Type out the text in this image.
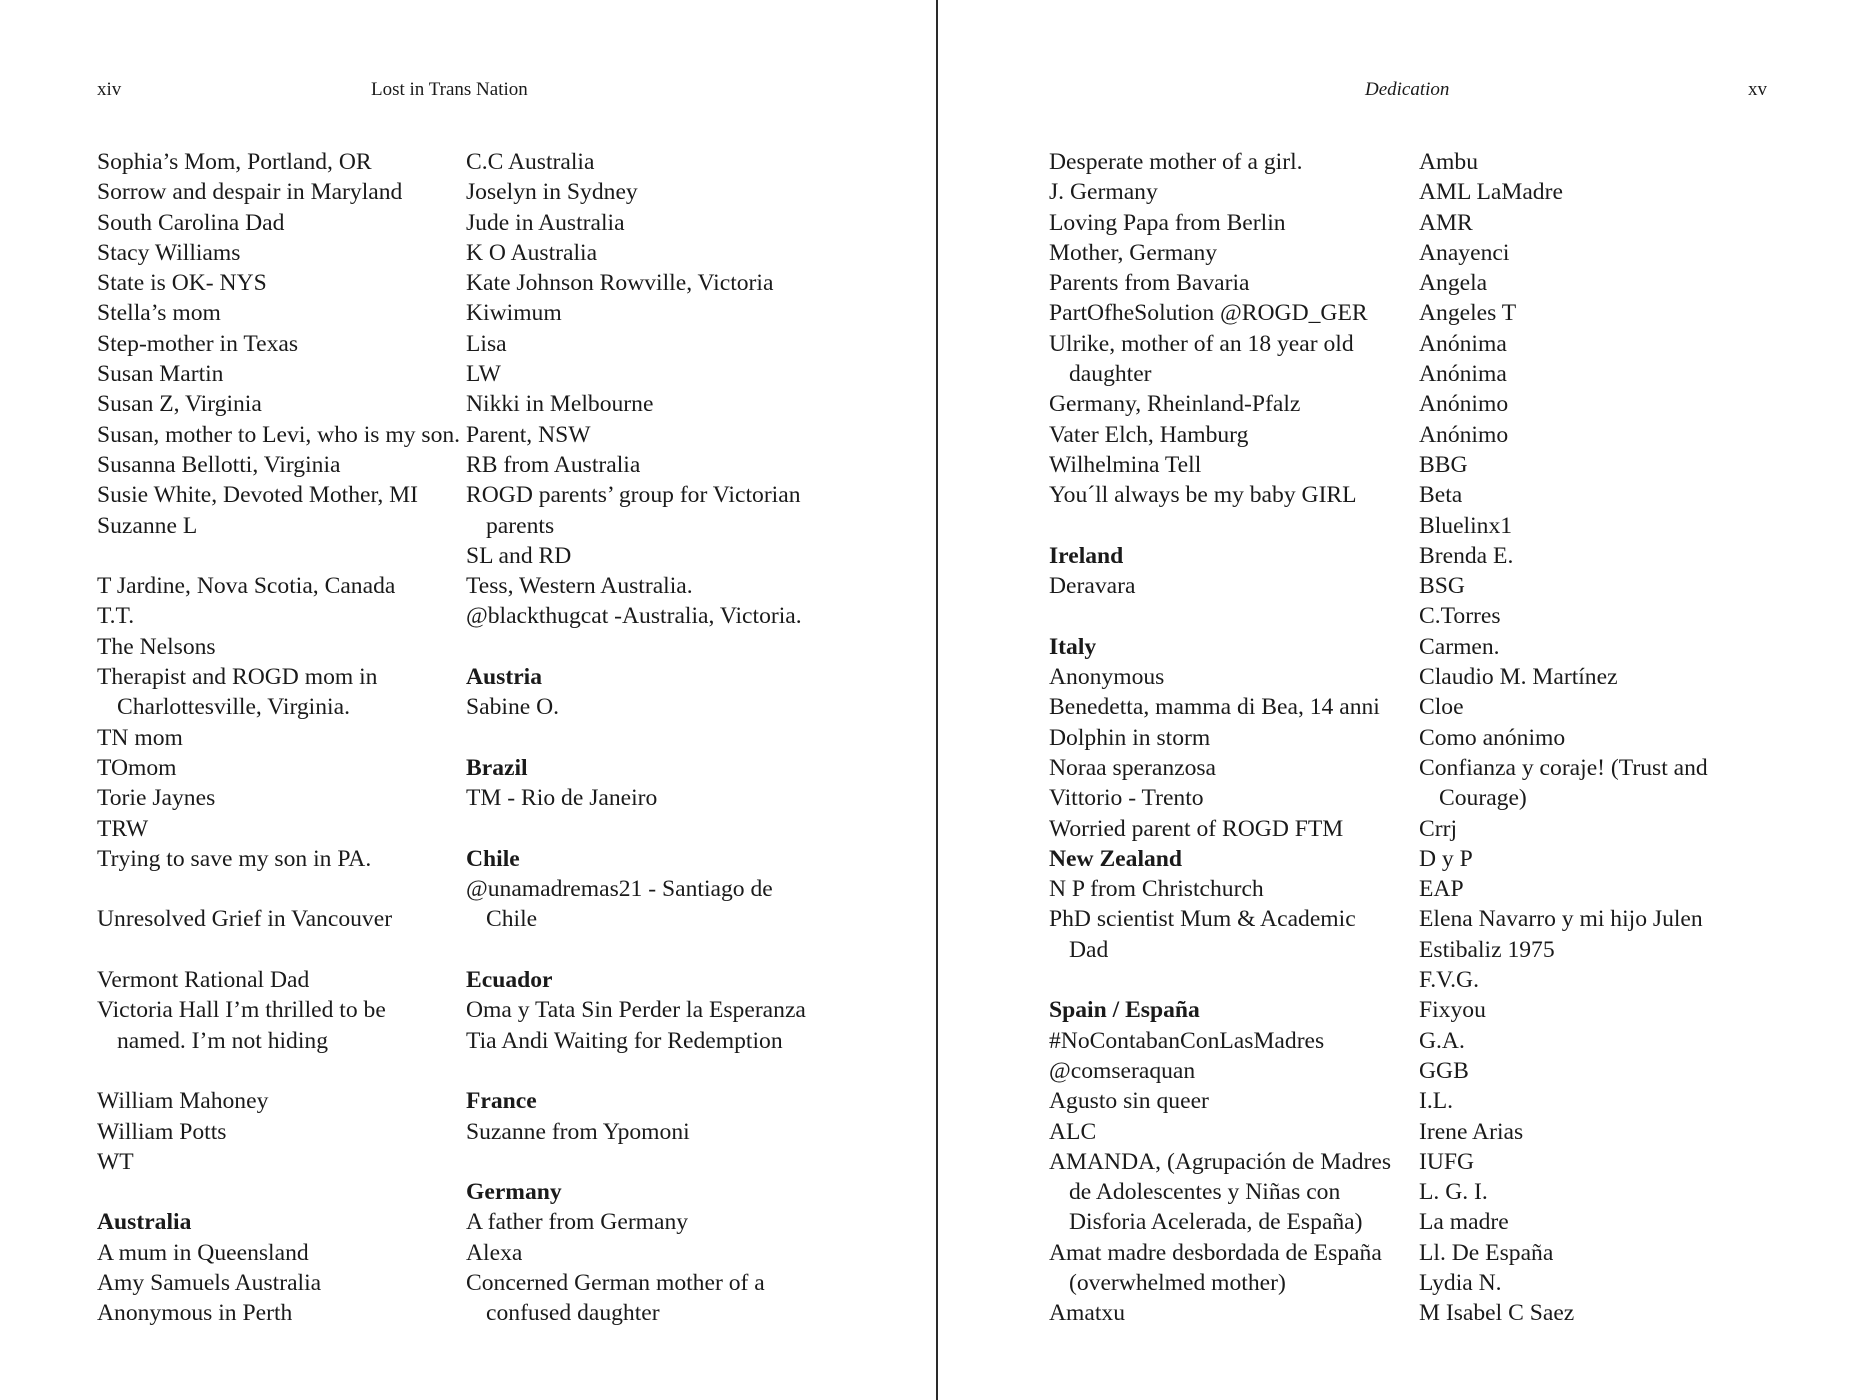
xiv	Lost in Trans Nation
Sophia’s Mom, Portland, OR
Sorrow and despair in Maryland
South Carolina Dad
Stacy Williams
State is OK- NYS
Stella’s mom
Step-mother in Texas
Susan Martin
Susan Z, Virginia
Susan, mother to Levi, who is my son.
Susanna Bellotti, Virginia
Susie White, Devoted Mother, MI
Suzanne L
T Jardine, Nova Scotia, Canada
T.T.
The Nelsons
Therapist and ROGD mom in
Charlottesville, Virginia.
TN mom
TOmom
Torie Jaynes
TRW
Trying to save my son in PA.
Unresolved Grief in Vancouver
Vermont Rational Dad
Victoria Hall I’m thrilled to be
named. I’m not hiding
William Mahoney
William Potts
WT
Australia
A mum in Queensland
Amy Samuels Australia
Anonymous in Perth
C.C Australia
Joselyn in Sydney
Jude in Australia
K O Australia
Kate Johnson Rowville, Victoria
Kiwimum
Lisa
LW
Nikki in Melbourne
Parent, NSW
RB from Australia
ROGD parents’ group for Victorian
parents
SL and RD
Tess, Western Australia.
@blackthugcat -Australia, Victoria.
Austria
Sabine O.
Brazil
TM - Rio de Janeiro
Chile
@unamadremas21 - Santiago de
Chile
Ecuador
Oma y Tata Sin Perder la Esperanza
Tia Andi Waiting for Redemption
France
Suzanne from Ypomoni
Germany
A father from Germany
Alexa
Concerned German mother of a
confused daughter
Dedication	xv
Desperate mother of a girl.
J. Germany
Loving Papa from Berlin
Mother, Germany
Parents from Bavaria
PartOfheSolution @ROGD_GER
Ulrike, mother of an 18 year old
daughter
Germany, Rheinland-Pfalz
Vater Elch, Hamburg
Wilhelmina Tell
You´ll always be my baby GIRL
Ireland
Deravara
Italy
Anonymous
Benedetta, mamma di Bea, 14 anni
Dolphin in storm
Noraa speranzosa
Vittorio - Trento
Worried parent of ROGD FTM
New Zealand
N P from Christchurch
PhD scientist Mum & Academic
Dad
Spain / España
#NoContabanConLasMadres
@comseraquan
Agusto sin queer
ALC
AMANDA, (Agrupación de Madres
de Adolescentes y Niñas con
Disforia Acelerada, de España)
Amat madre desbordada de España
(overwhelmed mother)
Amatxu
Ambu
AML LaMadre
AMR
Anayenci
Angela
Angeles T
Anónima
Anónima
Anónimo
Anónimo
BBG
Beta
Bluelinx1
Brenda E.
BSG
C.Torres
Carmen.
Claudio M. Martínez
Cloe
Como anónimo
Confianza y coraje! (Trust and
Courage)
Crrj
D y P
EAP
Elena Navarro y mi hijo Julen
Estibaliz 1975
F.V.G.
Fixyou
G.A.
GGB
I.L.
Irene Arias
IUFG
L. G. I.
La madre
Ll. De España
Lydia N.
M Isabel C Saez
